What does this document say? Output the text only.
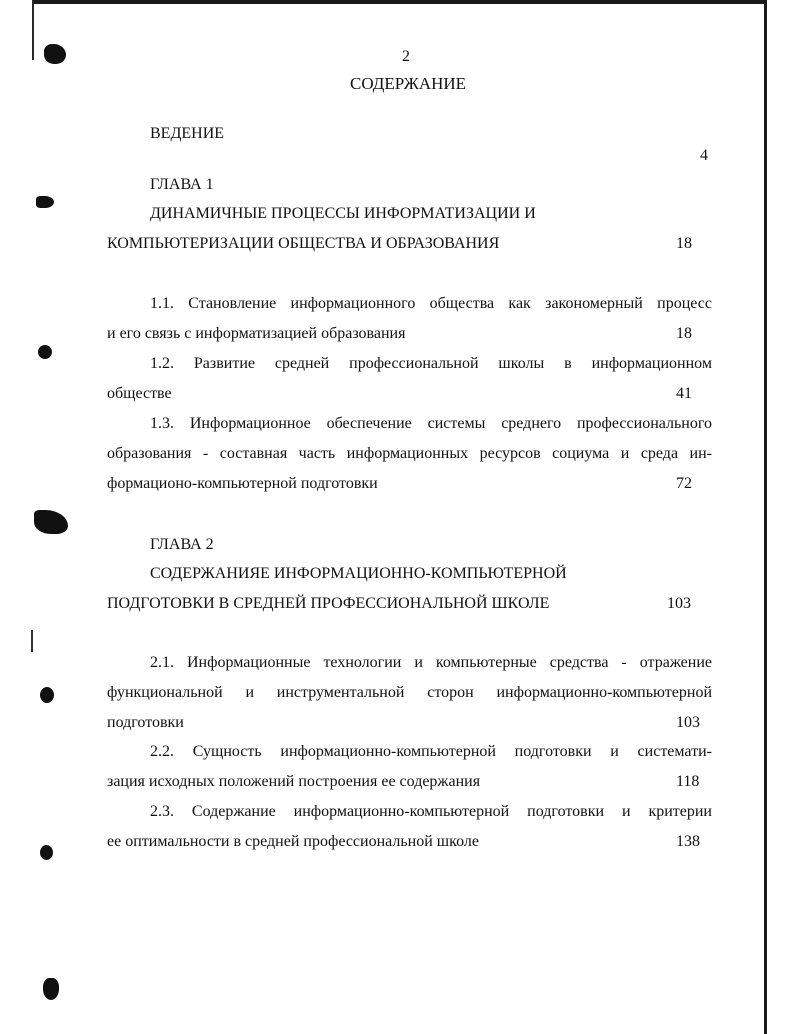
2
СОДЕРЖАНИЕ
ВЕДЕНИЕ
4
ГЛАВА 1
ДИНАМИЧНЫЕ ПРОЦЕССЫ ИНФОРМАТИЗАЦИИ И
КОМПЬЮТЕРИЗАЦИИ ОБЩЕСТВА И ОБРАЗОВАНИЯ	18
1.1. Становление информационного общества как закономерный процесс
и его связь с информатизацией образования	18
1.2. Развитие средней профессиональной школы в информационном
обществе	41
1.3. Информационное обеспечение системы среднего профессионального
образования - составная часть информационных ресурсов социума и среда ин-
формационо-компьютерной подготовки	72
ГЛАВА 2
СОДЕРЖАНИЯЕ ИНФОРМАЦИОННО-КОМПЬЮТЕРНОЙ
ПОДГОТОВКИ В СРЕДНЕЙ ПРОФЕССИОНАЛЬНОЙ ШКОЛЕ	103
2.1. Информационные технологии и компьютерные средства - отражение
функциональной и инструментальной сторон информационно-компьютерной
подготовки	103
2.2. Сущность информационно-компьютерной подготовки и системати-
зация исходных положений построения ее содержания	118
2.3. Содержание информационно-компьютерной подготовки и критерии
ее оптимальности в средней профессиональной школе	138
